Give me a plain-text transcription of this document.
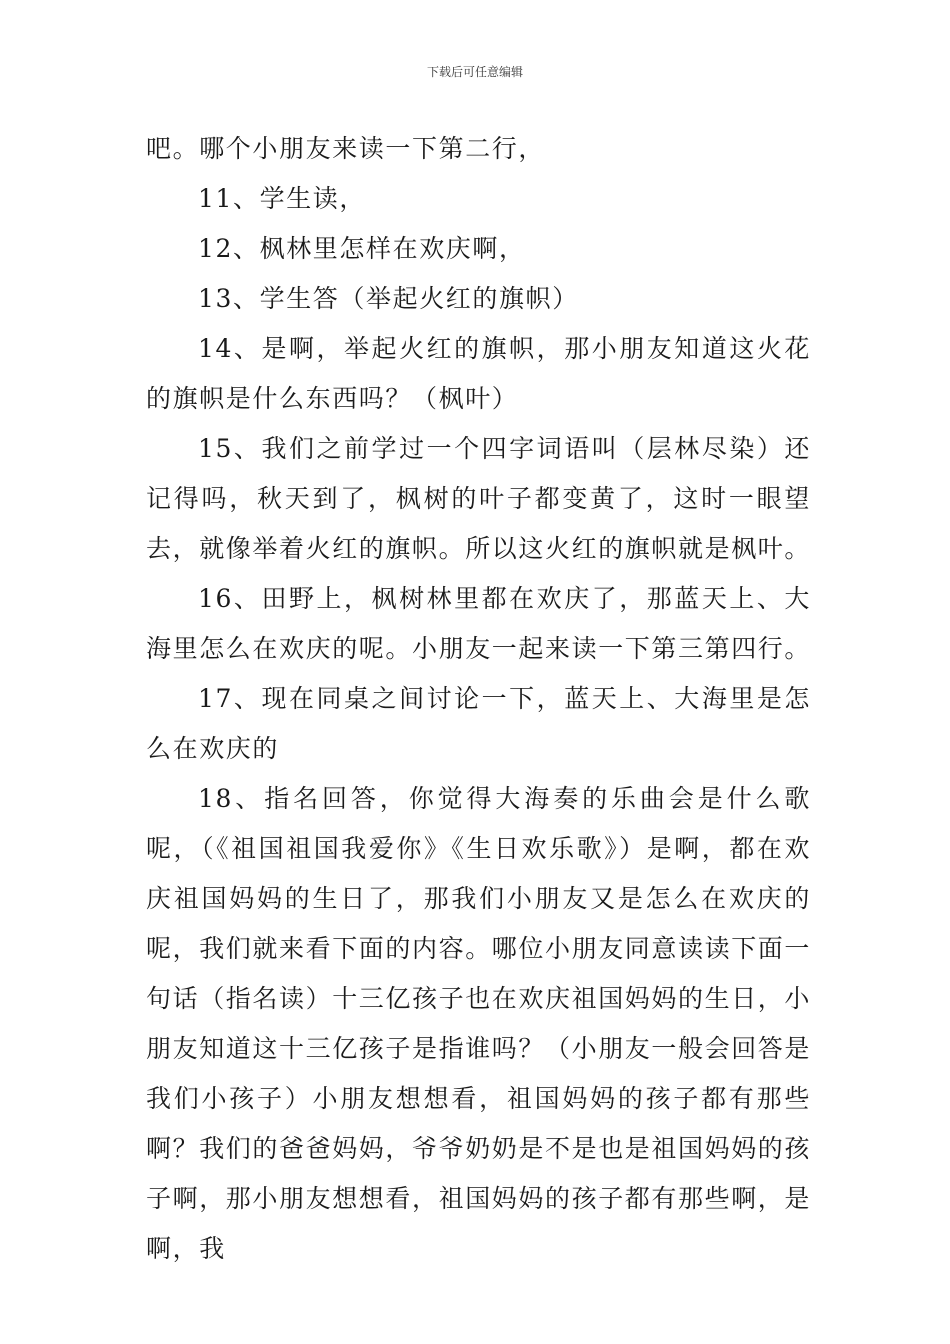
下载后可任意编辑

吧。哪个小朋友来读一下第二行，

11、学生读，

12、枫林里怎样在欢庆啊，

13、学生答（举起火红的旗帜）

14、是啊，举起火红的旗帜，那小朋友知道这火花的旗帜是什么东西吗？（枫叶）

15、我们之前学过一个四字词语叫（层林尽染）还记得吗，秋天到了，枫树的叶子都变黄了，这时一眼望去，就像举着火红的旗帜。所以这火红的旗帜就是枫叶。

16、田野上，枫树林里都在欢庆了，那蓝天上、大海里怎么在欢庆的呢。小朋友一起来读一下第三第四行。

17、现在同桌之间讨论一下，蓝天上、大海里是怎么在欢庆的

18、指名回答，你觉得大海奏的乐曲会是什么歌呢，（《祖国祖国我爱你》《生日欢乐歌》）是啊，都在欢庆祖国妈妈的生日了，那我们小朋友又是怎么在欢庆的呢，我们就来看下面的内容。哪位小朋友同意读读下面一句话（指名读）十三亿孩子也在欢庆祖国妈妈的生日，小朋友知道这十三亿孩子是指谁吗？（小朋友一般会回答是我们小孩子）小朋友想想看，祖国妈妈的孩子都有那些啊？我们的爸爸妈妈，爷爷奶奶是不是也是祖国妈妈的孩子啊，那小朋友想想看，祖国妈妈的孩子都有那些啊，是啊，我
